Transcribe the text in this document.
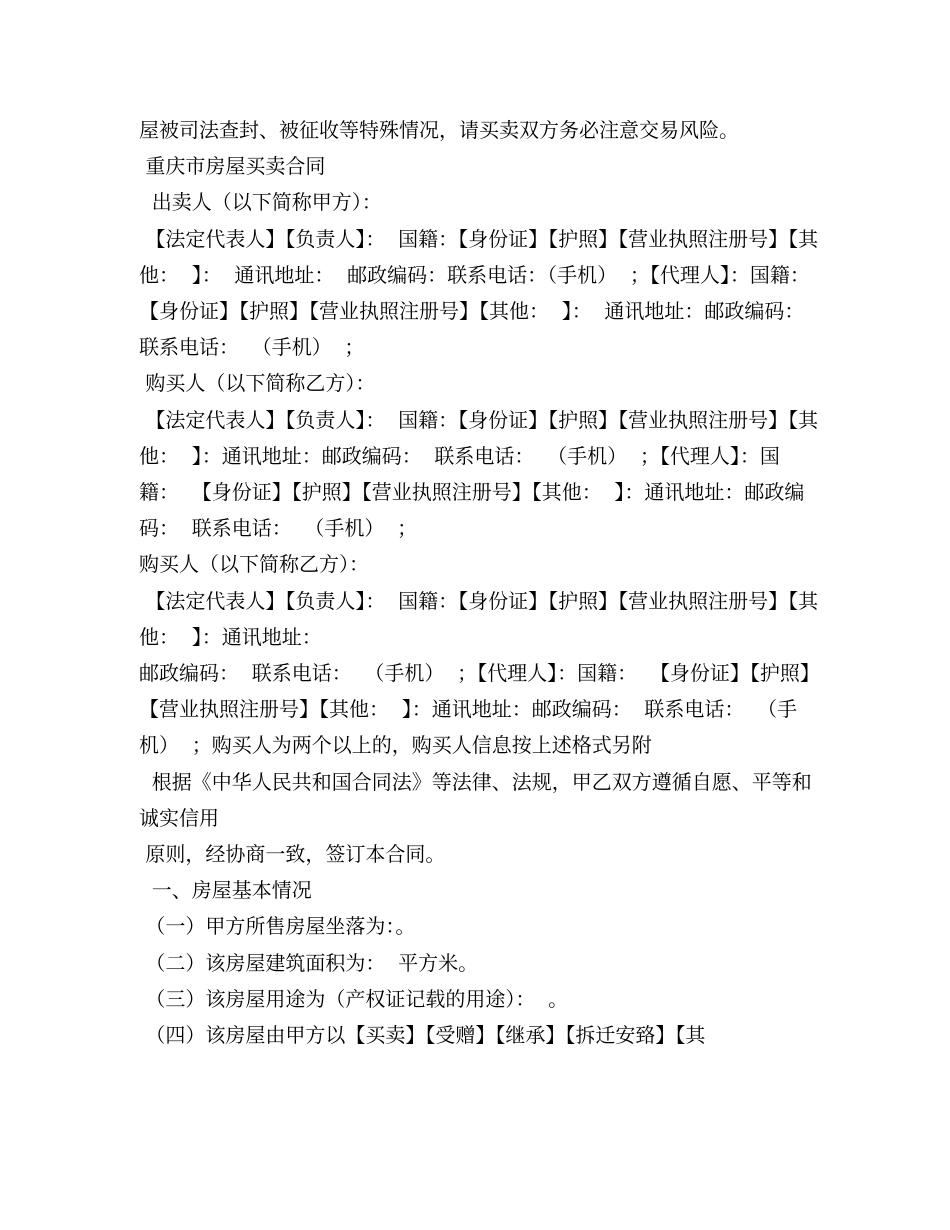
屋被司法查封、被征收等特殊情况，请买卖双方务必注意交易风险。

重庆市房屋买卖合同

出卖人（以下简称甲方）：

【法定代表人】【负责人】：  国籍：【身份证】【护照】【营业执照注册号】【其他：  】：  通讯地址：  邮政编码：联系电话：（手机）  ；【代理人】：国籍：  【身份证】【护照】【营业执照注册号】【其他：  】：  通讯地址：邮政编码：  联系电话：  （手机）  ；

购买人（以下简称乙方）：

【法定代表人】【负责人】：  国籍：【身份证】【护照】【营业执照注册号】【其他：  】：通讯地址：邮政编码：  联系电话：  （手机）  ；【代理人】：国籍：  【身份证】【护照】【营业执照注册号】【其他：  】：通讯地址：邮政编码：  联系电话：  （手机）  ；

购买人（以下简称乙方）：

【法定代表人】【负责人】：  国籍：【身份证】【护照】【营业执照注册号】【其他：  】：通讯地址：

邮政编码：  联系电话：  （手机）  ；【代理人】：国籍：  【身份证】【护照】【营业执照注册号】【其他：  】：通讯地址：邮政编码：  联系电话：  （手机）  ；购买人为两个以上的，购买人信息按上述格式另附

根据《中华人民共和国合同法》等法律、法规，甲乙双方遵循自愿、平等和诚实信用

原则，经协商一致，签订本合同。

一、房屋基本情况

（一）甲方所售房屋坐落为：。

（二）该房屋建筑面积为：  平方米。

（三）该房屋用途为（产权证记载的用途）：  。

（四）该房屋由甲方以【买卖】【受赠】【继承】【拆迁安臵】【其
